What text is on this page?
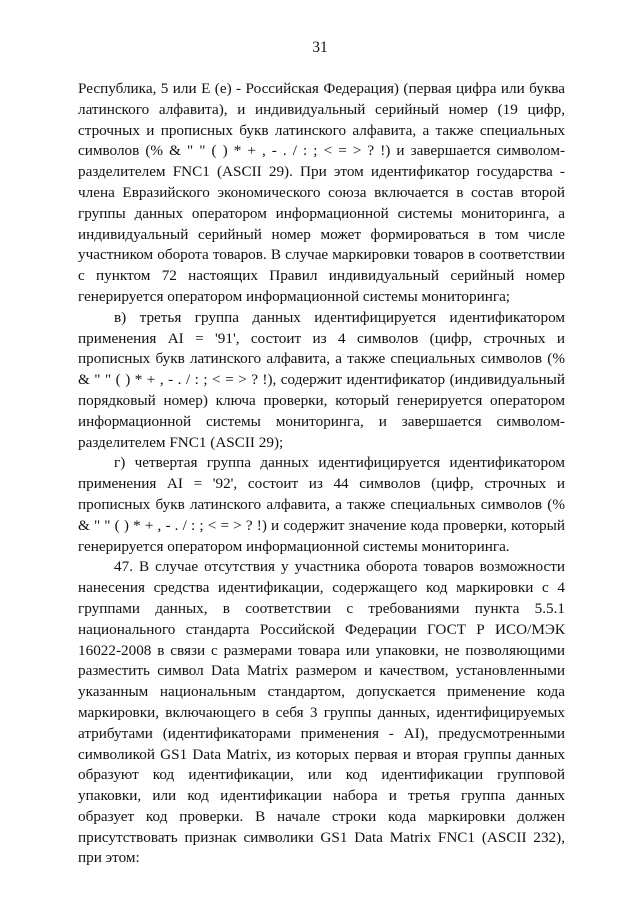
31

Республика, 5 или Е (е) - Российская Федерация) (первая цифра или буква латинского алфавита), и индивидуальный серийный номер (19 цифр, строчных и прописных букв латинского алфавита, а также специальных символов (% & " " ( ) * + , - . / : ; < = > ? !) и завершается символом-разделителем FNC1 (ASCII 29). При этом идентификатор государства - члена Евразийского экономического союза включается в состав второй группы данных оператором информационной системы мониторинга, а индивидуальный серийный номер может формироваться в том числе участником оборота товаров. В случае маркировки товаров в соответствии с пунктом 72 настоящих Правил индивидуальный серийный номер генерируется оператором информационной системы мониторинга;

в) третья группа данных идентифицируется идентификатором применения AI = '91', состоит из 4 символов (цифр, строчных и прописных букв латинского алфавита, а также специальных символов (% & " " ( ) * + , - . / : ; < = > ? !), содержит идентификатор (индивидуальный порядковый номер) ключа проверки, который генерируется оператором информационной системы мониторинга, и завершается символом-разделителем FNC1 (ASCII 29);

г) четвертая группа данных идентифицируется идентификатором применения AI = '92', состоит из 44 символов (цифр, строчных и прописных букв латинского алфавита, а также специальных символов (% & " " ( ) * + , - . / : ; < = > ? !) и содержит значение кода проверки, который генерируется оператором информационной системы мониторинга.

47. В случае отсутствия у участника оборота товаров возможности нанесения средства идентификации, содержащего код маркировки с 4 группами данных, в соответствии с требованиями пункта 5.5.1 национального стандарта Российской Федерации ГОСТ Р ИСО/МЭК 16022-2008 в связи с размерами товара или упаковки, не позволяющими разместить символ Data Matrix размером и качеством, установленными указанным национальным стандартом, допускается применение кода маркировки, включающего в себя 3 группы данных, идентифицируемых атрибутами (идентификаторами применения - AI), предусмотренными символикой GS1 Data Matrix, из которых первая и вторая группы данных образуют код идентификации, или код идентификации групповой упаковки, или код идентификации набора и третья группа данных образует код проверки. В начале строки кода маркировки должен присутствовать признак символики GS1 Data Matrix FNC1 (ASCII 232), при этом:
